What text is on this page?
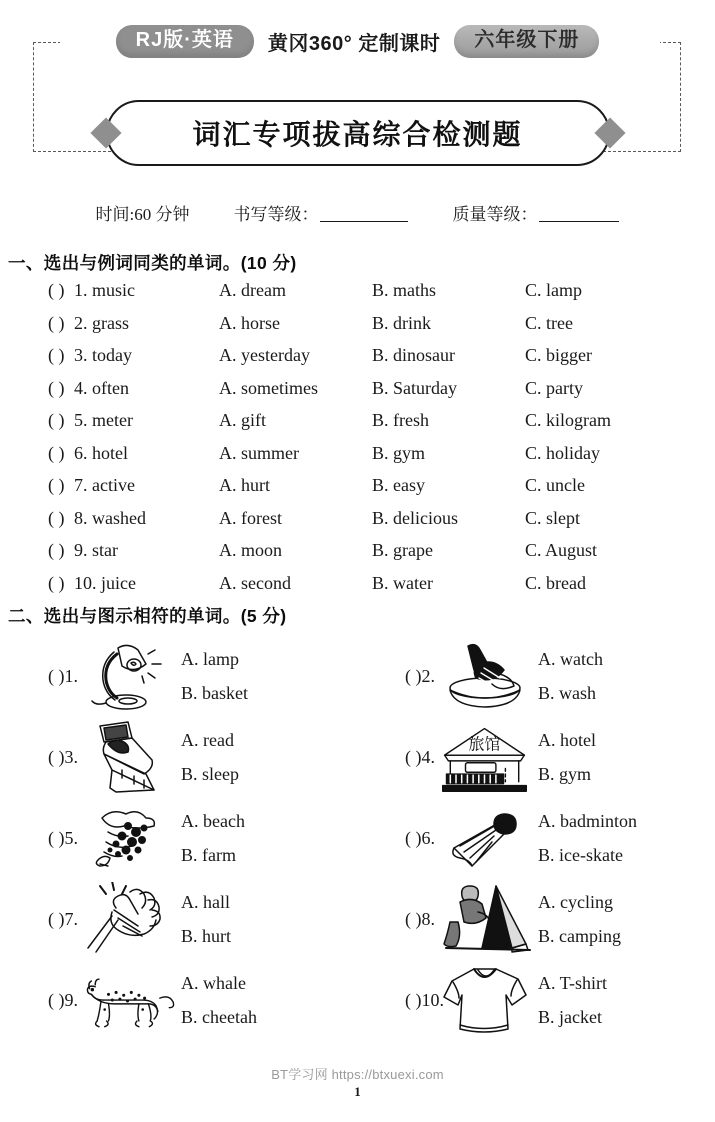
RJ版·英语	黄冈360° 定制课时	六年级下册
词汇专项拔高综合检测题
时间:60 分钟	书写等级：	质量等级：
一、选出与例词同类的单词。(10 分)
( ) 1. music	A. dream	B. maths	C. lamp
( ) 2. grass	A. horse	B. drink	C. tree
( ) 3. today	A. yesterday	B. dinosaur	C. bigger
( ) 4. often	A. sometimes	B. Saturday	C. party
( ) 5. meter	A. gift	B. fresh	C. kilogram
( ) 6. hotel	A. summer	B. gym	C. holiday
( ) 7. active	A. hurt	B. easy	C. uncle
( ) 8. washed	A. forest	B. delicious	C. slept
( ) 9. star	A. moon	B. grape	C. August
( ) 10. juice	A. second	B. water	C. bread
二、选出与图示相符的单词。(5 分)
( )1.
A. lamp
B. basket
( )2.
A. watch
B. wash
( )3.
A. read
B. sleep
( )4.
旅馆 A. hotel
B. gym
( )5.
A. beach
B. farm
( )6.
A. badminton
B. ice-skate
( )7.
A. hall
B. hurt
( )8.
A. cycling
B. camping
( )9.
A. whale
B. cheetah
( )10.
A. T-shirt
B. jacket
BT学习网 https://btxuexi.com
1
